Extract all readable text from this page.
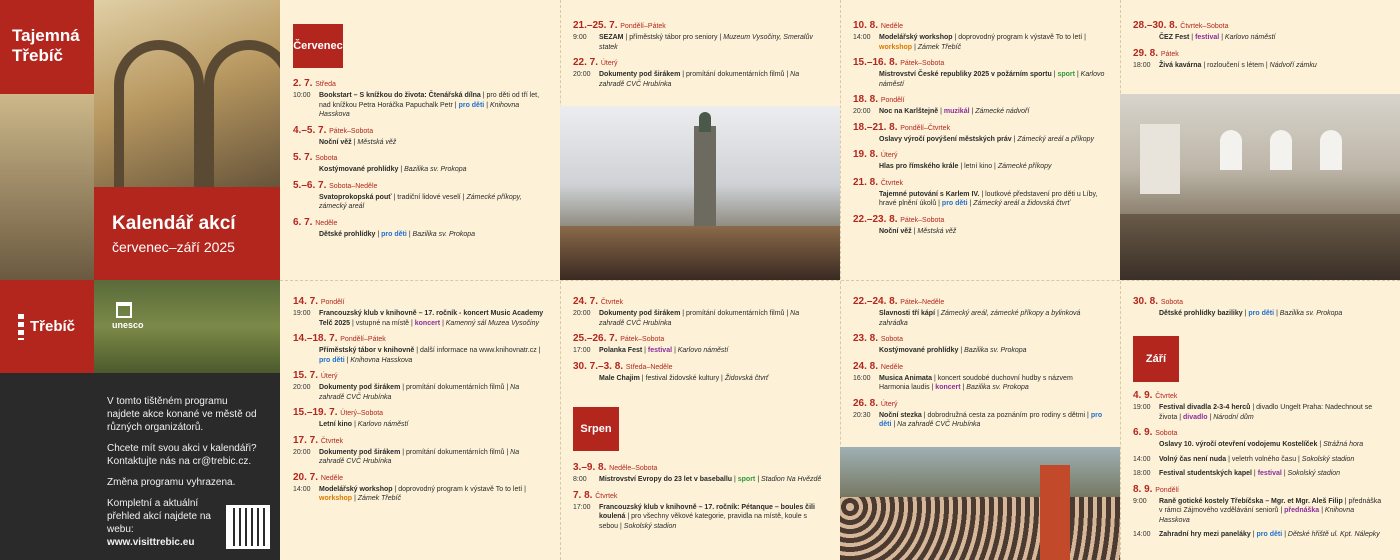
Tajemná
Třebíč
Kalendář akcí
červenec–září 2025
Třebíč	unesco

V tomto tištěném programu najdete akce konané ve městě od různých organizátorů.

Chcete mít svou akci v kalendáři? Kontaktujte nás na cr@trebic.cz.

Změna programu vyhrazena.

Kompletní a aktuální přehled akcí najdete na webu:

www.visittrebic.eu
Červenec
Srpen
Září
2. 7. Středa
10:00	Bookstart – S knížkou do života: Čtenářská dílna | pro děti od tří let, nad knížkou Petra Horáčka Papuchalk Petr | pro děti | Knihovna Hasskova
4.–5. 7. Pátek–Sobota
Noční věž | Městská věž
5. 7. Sobota
Kostýmované prohlídky | Bazilika sv. Prokopa
5.–6. 7. Sobota–Neděle
Svatoprokopská pouť | tradiční lidové veselí | Zámecké příkopy, zámecký areál
6. 7. Neděle
Dětské prohlídky | pro děti | Bazilika sv. Prokopa
14. 7. Pondělí
19:00	Francouzský klub v knihovně – 17. ročník - koncert Music Academy Telč 2025 | vstupné na místě | koncert | Kamenný sál Muzea Vysočiny
14.–18. 7. Pondělí–Pátek
Příměstský tábor v knihovně | další informace na www.knihovnatr.cz | pro děti | Knihovna Hasskova
15. 7. Úterý
20:00	Dokumenty pod širákem | promítání dokumentárních filmů | Na zahradě CVČ Hrubínka
15.–19. 7. Úterý–Sobota
Letní kino | Karlovo náměstí
17. 7. Čtvrtek
20:00	Dokumenty pod širákem | promítání dokumentárních filmů | Na zahradě CVČ Hrubínka
20. 7. Neděle
14:00	Modelářský workshop | doprovodný program k výstavě To to letí | workshop | Zámek Třebíč
21.–25. 7. Pondělí–Pátek
9:00	SEZAM | příměstský tábor pro seniory | Muzeum Vysočiny, Smeralův statek
22. 7. Úterý
20:00	Dokumenty pod širákem | promítání dokumentárních filmů | Na zahradě CVČ Hrubínka
24. 7. Čtvrtek
20:00	Dokumenty pod širákem | promítání dokumentárních filmů | Na zahradě CVČ Hrubínka
25.–26. 7. Pátek–Sobota
17:00	Polanka Fest | festival | Karlovo náměstí
30. 7.–3. 8. Středa–Neděle
Male Chajim | festival židovské kultury | Židovská čtvrť
3.–9. 8. Neděle–Sobota
8:00	Mistrovství Evropy do 23 let v baseballu | sport | Stadion Na Hvězdě
7. 8. Čtvrtek
17:00	Francouzský klub v knihovně – 17. ročník: Pétanque – boules čili koulená | pro všechny věkové kategorie, pravidla na místě, koule s sebou | Sokolský stadion
10. 8. Neděle
14:00	Modelářský workshop | doprovodný program k výstavě To to letí | workshop | Zámek Třebíč
15.–16. 8. Pátek–Sobota
Mistrovství České republiky 2025 v požárním sportu | sport | Karlovo náměstí
18. 8. Pondělí
20:00	Noc na Karlštejně | muzikál | Zámecké nádvoří
18.–21. 8. Pondělí–Čtvrtek
Oslavy výročí povýšení městských práv | Zámecký areál a příkopy
19. 8. Úterý
Hlas pro římského krále | letní kino | Zámecké příkopy
21. 8. Čtvrtek
Tajemné putování s Karlem IV. | loutkové představení pro děti u Líby, hravé plnění úkolů | pro děti | Zámecký areál a židovská čtvrť
22.–23. 8. Pátek–Sobota
Noční věž | Městská věž
22.–24. 8. Pátek–Neděle
Slavnosti tří kápí | Zámecký areál, zámecké příkopy a bylinková zahrádka
23. 8. Sobota
Kostýmované prohlídky | Bazilika sv. Prokopa
24. 8. Neděle
16:00	Musica Animata | koncert soudobé duchovní hudby s názvem Harmonia laudis | koncert | Bazilika sv. Prokopa
26. 8. Úterý
20:30	Noční stezka | dobrodružná cesta za poznáním pro rodiny s dětmi | pro děti | Na zahradě CVČ Hrubínka
28.–30. 8. Čtvrtek–Sobota
ČEZ Fest | festival | Karlovo náměstí
29. 8. Pátek
18:00	Živá kavárna | rozloučení s létem | Nádvoří zámku
30. 8. Sobota
Dětské prohlídky baziliky | pro děti | Bazilika sv. Prokopa
4. 9. Čtvrtek
19:00	Festival divadla 2-3-4 herců | divadlo Ungelt Praha: Nadechnout se života | divadlo | Národní dům
6. 9. Sobota
Oslavy 10. výročí otevření vodojemu Kostelíček | Strážná hora
14:00	Volný čas není nuda | veletrh volného času | Sokolský stadion
18:00	Festival studentských kapel | festival | Sokolský stadion
8. 9. Pondělí
9:00	Raně gotické kostely Třebíčska – Mgr. et Mgr. Aleš Filip | přednáška v rámci Zájmového vzdělávání seniorů | přednáška | Knihovna Hasskova
14:00	Zahradní hry mezi paneláky | pro děti | Dětské hřiště ul. Kpt. Nálepky
